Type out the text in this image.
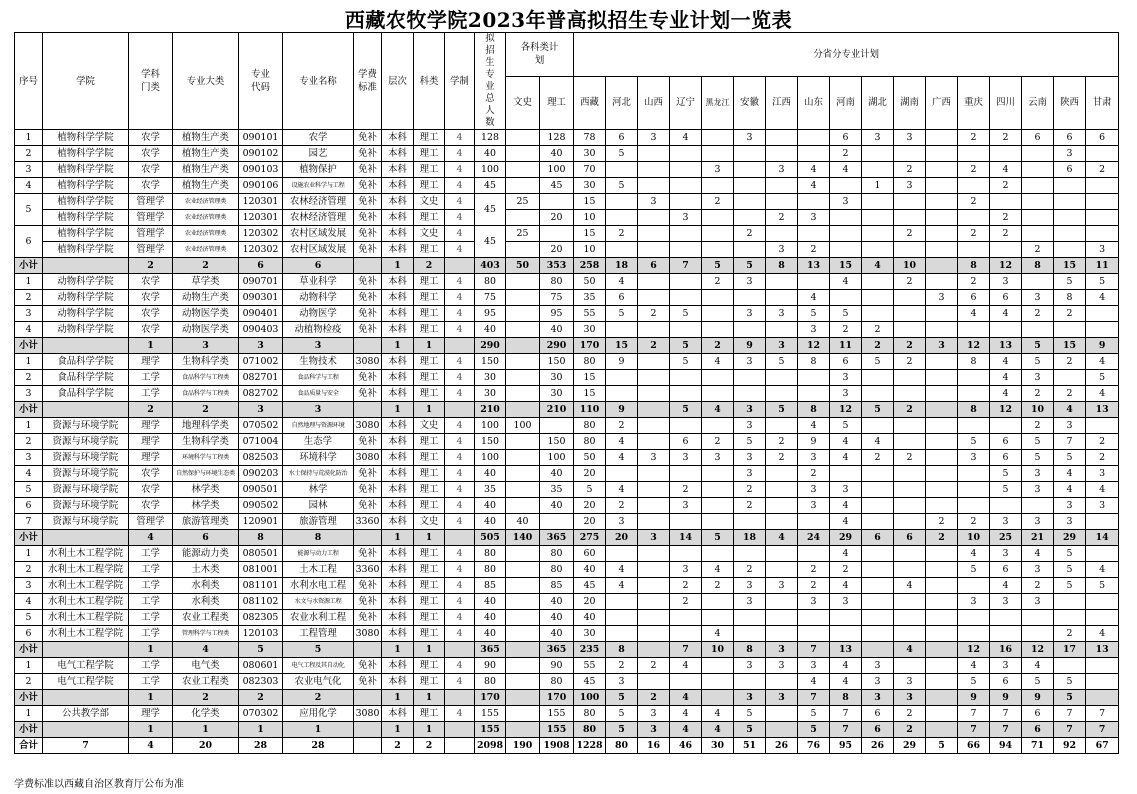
西藏农牧学院2023年普高拟招生专业计划一览表
序号	学院	学科门类	专业大类	专业代码	专业名称	学费标准	层次	科类	学制	拟招生专业总人数	各科类计划		分省分专业计划																
											文史	理工	西藏	河北	山西	辽宁	黑龙江	安徽	江西	山东	河南	湖北	湖南	广西	重庆	四川	云南	陕西	甘肃
1	植物科学学院	农学	植物生产类	090101	农学	免补	本科	理工	4	128		128	78	6	3	4		3			6	3	3		2	2	6	6	6
2	植物科学学院	农学	植物生产类	090102	园艺	免补	本科	理工	4	40		40	30	5							2							3	
3	植物科学学院	农学	植物生产类	090103	植物保护	免补	本科	理工	4	100		100	70				3		3	4	4		2		2	4		6	2
4	植物科学学院	农学	植物生产类	090106	设施农业科学与工程	免补	本科	理工	4	45		45	30	5						4		1	3			2			
5	植物科学学院	管理学	农业经济管理类	120301	农林经济管理	免补	本科	文史	4	45	25		15		3		2				3				2				
	植物科学学院	管理学	农业经济管理类	120301	农林经济管理	免补	本科	理工	4			20	10			3			2	3						2			
6	植物科学学院	管理学	农业经济管理类	120302	农村区域发展	免补	本科	文史	4	45	25		15	2				2					2		2	2			
	植物科学学院	管理学	农业经济管理类	120302	农村区域发展	免补	本科	理工	4			20	10						3	2							2		3
小计		2	2	6	6		1	2		403	50	353	258	18	6	7	5	5	8	13	15	4	10		8	12	8	15	11
1	动物科学学院	农学	草学类	090701	草业科学	免补	本科	理工	4	80		80	50	4			2	3			4		2		2	3		5	5
2	动物科学学院	农学	动物生产类	090301	动物科学	免补	本科	理工	4	75		75	35	6						4				3	6	6	3	8	4
3	动物科学学院	农学	动物医学类	090401	动物医学	免补	本科	理工	4	95		95	55	5	2	5		3	3	5	5				4	4	2	2	
4	动物科学学院	农学	动物医学类	090403	动植物检疫	免补	本科	理工	4	40		40	30							3	2	2							
小计		1	3	3	3		1	1		290		290	170	15	2	5	2	9	3	12	11	2	2	3	12	13	5	15	9
1	食品科学学院	理学	生物科学类	071002	生物技术	3080	本科	理工	4	150		150	80	9		5	4	3	5	8	6	5	2		8	4	5	2	4
2	食品科学学院	工学	食品科学与工程类	082701	食品科学与工程	免补	本科	理工	4	30		30	15								3					4	3		5
3	食品科学学院	工学	食品科学与工程类	082702	食品质量与安全	免补	本科	理工	4	30		30	15								3					4	2	2	4
小计		2	2	3	3		1	1		210		210	110	9		5	4	3	5	8	12	5	2		8	12	10	4	13
1	资源与环境学院	理学	地理科学类	070502	自然地理与资源环境	3080	本科	文史	4	100	100		80	2				3		4	5						2	3	
2	资源与环境学院	理学	生物科学类	071004	生态学	免补	本科	理工	4	150		150	80	4		6	2	5	2	9	4	4			5	6	5	7	2
3	资源与环境学院	理学	环境科学与工程类	082503	环境科学	3080	本科	理工	4	100		100	50	4	3	3	3	3	2	3	4	2	2		3	6	5	5	2
4	资源与环境学院	农学	自然保护与环境生态类	090203	水土保持与荒漠化防治	免补	本科	理工	4	40		40	20					3		2						5	3	4	3
5	资源与环境学院	农学	林学类	090501	林学	免补	本科	理工	4	35		35	5	4		2		2		3	3					5	3	4	4
6	资源与环境学院	农学	林学类	090502	园林	免补	本科	理工	4	40		40	20	2		3		2		3	4							3	3
7	资源与环境学院	管理学	旅游管理类	120901	旅游管理	3360	本科	文史	4	40	40		20	3							4			2	2	3	3	3	
小计		4	6	8	8		1	1		505	140	365	275	20	3	14	5	18	4	24	29	6	6	2	10	25	21	29	14
1	水利土木工程学院	工学	能源动力类	080501	能源与动力工程	免补	本科	理工	4	80		80	60								4				4	3	4	5	
2	水利土木工程学院	工学	土木类	081001	土木工程	3360	本科	理工	4	80		80	40	4		3	4	2		2	2				5	6	3	5	4
3	水利土木工程学院	工学	水利类	081101	水利水电工程	免补	本科	理工	4	85		85	45	4		2	2	3	3	2	4		4			4	2	5	5
4	水利土木工程学院	工学	水利类	081102	水文与水资源工程	免补	本科	理工	4	40		40	20			2		3		3	3				3	3	3		
5	水利土木工程学院	工学	农业工程类	082305	农业水利工程	免补	本科	理工	4	40		40	40																
6	水利土木工程学院	工学	管理科学与工程类	120103	工程管理	3080	本科	理工	4	40		40	30				4											2	4
小计		1	4	5	5		1	1		365		365	235	8		7	10	8	3	7	13		4		12	16	12	17	13
1	电气工程学院	工学	电气类	080601	电气工程及其自动化	免补	本科	理工	4	90		90	55	2	2	4		3	3	3	4	3			4	3	4		
2	电气工程学院	工学	农业工程类	082303	农业电气化	免补	本科	理工	4	80		80	45	3						4	4	3	3		5	6	5	5	
小计		1	2	2	2		1	1		170		170	100	5	2	4		3	3	7	8	3	3		9	9	9	5	
1	公共教学部	理学	化学类	070302	应用化学	3080	本科	理工	4	155		155	80	5	3	4	4	5		5	7	6	2		7	7	6	7	7
小计		1	1	1	1		1	1		155		155	80	5	3	4	4	5		5	7	6	2		7	7	6	7	7
合计	7	4	20	28	28		2	2		2098	190	1908	1228	80	16	46	30	51	26	76	95	26	29	5	66	94	71	92	67
学费标准以西藏自治区教育厅公布为准
